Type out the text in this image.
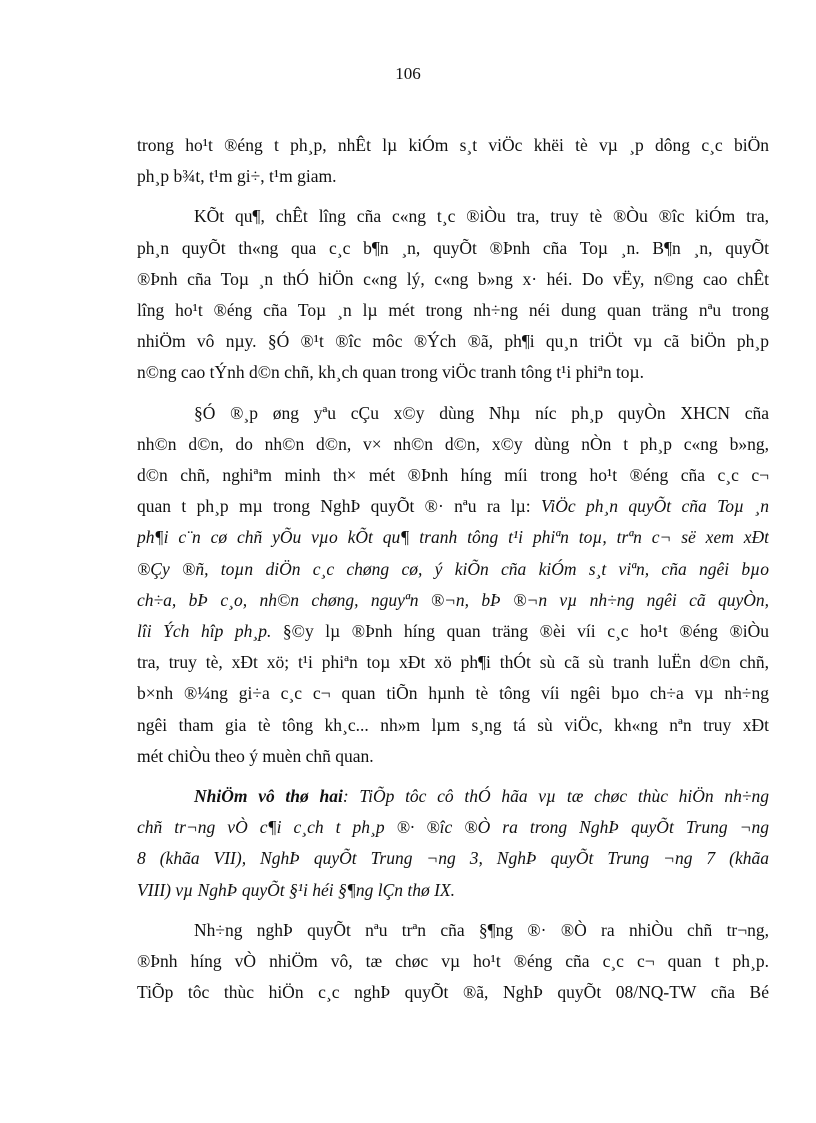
106

trong ho¹t ®éng t ph¸p, nhÊt lµ kiÓm s¸t viÖc khëi tè vµ ¸p dông c¸c biÖn
ph¸p b¾t, t¹m gi÷, t¹m giam.

KÕt qu¶, chÊt lîng cña c«ng t¸c ®iÒu tra, truy tè ®Òu ®îc kiÓm tra,
ph¸n quyÕt th«ng qua c¸c b¶n ¸n, quyÕt ®Þnh cña Toµ ¸n. B¶n ¸n, quyÕt
®Þnh cña Toµ ¸n thÓ hiÖn c«ng lý, c«ng b»ng x· héi. Do vËy, n©ng cao chÊt
lîng ho¹t ®éng cña Toµ ¸n lµ mét trong nh÷ng néi dung quan träng nªu trong
nhiÖm vô nµy. §Ó ®¹t ®îc môc ®Ých ®ã, ph¶i qu¸n triÖt vµ cã biÖn ph¸p
n©ng cao tÝnh d©n chñ, kh¸ch quan trong viÖc tranh tông t¹i phiªn toµ.

§Ó ®¸p øng yªu cÇu x©y dùng Nhµ níc ph¸p quyÒn XHCN cña
nh©n d©n, do nh©n d©n, v× nh©n d©n, x©y dùng nÒn t ph¸p c«ng b»ng,
d©n chñ, nghiªm minh th× mét ®Þnh híng míi trong ho¹t ®éng cña c¸c c¬
quan t ph¸p mµ trong NghÞ quyÕt ®· nªu ra lµ: ViÖc ph¸n quyÕt cña Toµ ¸n
ph¶i c¨n cø chñ yÕu vµo kÕt qu¶ tranh tông t¹i phiªn toµ, trªn c¬ së xem xÐt
®Çy ®ñ, toµn diÖn c¸c chøng cø, ý kiÕn cña kiÓm s¸t viªn, cña ngêi bµo
ch÷a, bÞ c¸o, nh©n chøng, nguyªn ®¬n, bÞ ®¬n vµ nh÷ng ngêi cã quyÒn,
lîi Ých hîp ph¸p. §©y lµ ®Þnh híng quan träng ®èi víi c¸c ho¹t ®éng ®iÒu
tra, truy tè, xÐt xö; t¹i phiªn toµ xÐt xö ph¶i thÓt sù cã sù tranh luËn d©n chñ,
b×nh ®¼ng gi÷a c¸c c¬ quan tiÕn hµnh tè tông víi ngêi bµo ch÷a vµ nh÷ng
ngêi tham gia tè tông kh¸c... nh»m lµm s¸ng tá sù viÖc, kh«ng nªn truy xÐt
mét chiÒu theo ý muèn chñ quan.

NhiÖm vô thø hai: TiÕp tôc cô thÓ hãa vµ tæ chøc thùc hiÖn nh÷ng
chñ tr¬ng vÒ c¶i c¸ch t ph¸p ®· ®îc ®Ò ra trong NghÞ quyÕt Trung ¬ng
8 (khãa VII), NghÞ quyÕt Trung ¬ng 3, NghÞ quyÕt Trung ¬ng 7 (khãa
VIII) vµ NghÞ quyÕt §¹i héi §¶ng lÇn thø IX.

Nh÷ng nghÞ quyÕt nªu trªn cña §¶ng ®· ®Ò ra nhiÒu chñ tr¬ng,
®Þnh híng vÒ nhiÖm vô, tæ chøc vµ ho¹t ®éng cña c¸c c¬ quan t ph¸p.
TiÕp tôc thùc hiÖn c¸c nghÞ quyÕt ®ã, NghÞ quyÕt 08/NQ-TW cña Bé
